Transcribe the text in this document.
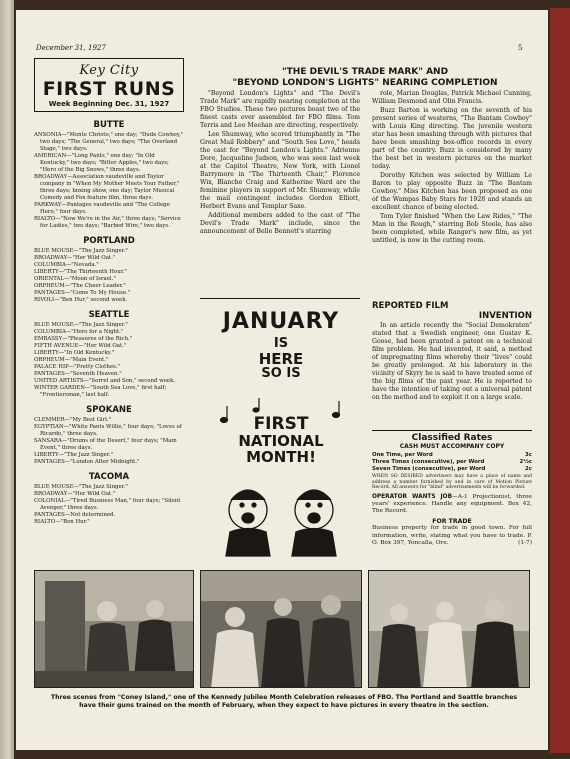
December 31, 1927	5
Key City
FIRST RUNS
Week Beginning Dec. 31, 1927
BUTTE
ANSONIA—"Monte Christo," one day; "Dude Cowboy," two days; "The General," two days; "The Overland Stage," two days.
AMERICAN—"Long Pants," one day; "In Old Kentucky," two days; "Bitter Apples," two days; "Hero of the Big Snows," three days.
BROADWAY—Association vaudeville and Taylor company in "When My Mother Meets Your Father," three days; boxing show, one day; Taylor Musical Comedy and Fox feature film, three days.
PARKWAY—Pantages vaudeville and "The College Hero," four days.
RIALTO—"Now We're in the Air," three days; "Service for Ladies," two days; "Barbed Wire," two days.
PORTLAND
BLUE MOUSE—"The Jazz Singer."
BROADWAY—"Her Wild Oat."
COLUMBIA—"Nevada."
LIBERTY—"The Thirteenth Hour."
ORIENTAL—"Moon of Israel."
ORPHEUM—"The Cheer Leader."
PANTAGES—"Come To My House."
RIVOLI—"Ben Hur," second week.
SEATTLE
BLUE MOUSE—"The Jazz Singer."
COLUMBIA—"Hero for a Night."
EMBASSY—"Pleasures of the Rich."
FIFTH AVENUE—"Her Wild Oat."
LIBERTY—"In Old Kentucky."
ORPHEUM—"Main Event."
PALACE HIP—"Pretty Clothes."
PANTAGES—"Seventh Heaven."
UNITED ARTISTS—"Sorrel and Son," second week.
WINTER GARDEN—"South Sea Love," first half; "Frontiersman," last half.
SPOKANE
CLEMMER—"My Best Girl."
EGYPTIAN—"White Pants Willie," four days; "Loves of Ricardo," three days.
SANSARA—"Drums of the Desert," four days; "Main Event," three days.
LIBERTY—"The Jazz Singer."
PANTAGES—"London After Midnight."
TACOMA
BLUE MOUSE—"The Jazz Singer."
BROADWAY—"Her Wild Oat."
COLONIAL—"Tired Business Man," four days; "Silent Avenger," three days.
PANTAGES—Not determined.
RIALTO—"Ben Hur."
"THE DEVIL'S TRADE MARK" AND
"BEYOND LONDON'S LIGHTS" NEARING COMPLETION

"Beyond London's Lights" and "The Devil's Trade Mark" are rapidly nearing completion at the FBO Studios. These two pictures boast two of the finest casts ever assembled for FBO films. Tom Terris and Leo Meehan are directing, respectively.

Lee Shumway, who scored triumphantly in "The Great Mail Robbery" and "South Sea Love," heads the cast for "Beyond London's Lights." Adrienne Dore, Jacqueline Judson, who was seen last week at the Capitol Theatre, New York, with Lionel Barrymore in "The Thirteenth Chair," Florence Wix, Blanche Craig and Katherine Ward are the feminine players in support of Mr. Shumway, while the mail contingent includes Gordon Elliott, Herbert Evans and Templar Saxe.

Additional members added to the cast of "The Devil's Trade Mark" include, since the announcement of Belle Bennett's starring

role, Marian Douglas, Patrick Michael Cunning, William Desmond and Olin Francis.

Buzz Barton is working on the seventh of his present series of westerns, "The Bantam Cowboy" with Louis King directing. The juvenile western star has been smashing through with pictures that have been smashing box-office records in every part of the country. Buzz is considered by many the best bet in western pictures on the market today.

Dorothy Kitchen was selected by William Le Baron to play opposite Buzz in "The Bantam Cowboy." Miss Kitchen has been proposed as one of the Wampas Baby Stars for 1928 and stands an excellent chance of being elected.

Tom Tyler finished "When the Law Rides," "The Man in the Rough," starring Bob Steele, has also been completed, while Ranger's new film, as yet untitled, is now in the cutting room.

JANUARY
IS
HERE
SO IS
FIRST
NATIONAL
MONTH!
REPORTED FILM
INVENTION

In an article recently the "Social Demokraten" stated that a Swedish engineer, one Gustav K. Goose, had been granted a patent on a technical film problem. He had invented, it said, a method of impregnating films whereby their "lives" could be greatly prolonged. At his laboratory in the vicinity of Skyry he is said to have treated some of the big films of the past year. He is reported to have the intention of taking out a universal patent on the method and to exploit it on a large scale.

Classified Rates
CASH MUST ACCOMPANY COPY
One Time, per Word	3c
Three Times (consecutive), per Word	2½c
Seven Times (consecutive), per Word	2c
WHEN SO DESIRED advertisers may have a place of name and address a number furnished by and in care of Motion Picture Record. All answers for "blind" advertisements will be forwarded.
OPERATOR WANTS JOB—A-1 Projectionist, three years' experience. Handle any equipment. Box 42, The Record.
FOR TRADE
Business property for trade in good town. For full information, write, stating what you have to trade. P. O. Box 397, Yoncalla, Ore.	(1-7)
Three scenes from "Coney Island," one of the Kennedy Jubilee Month Celebration releases of FBO. The Portland and Seattle branches have their guns trained on the month of February, when they expect to have pictures in every theatre in the section.
